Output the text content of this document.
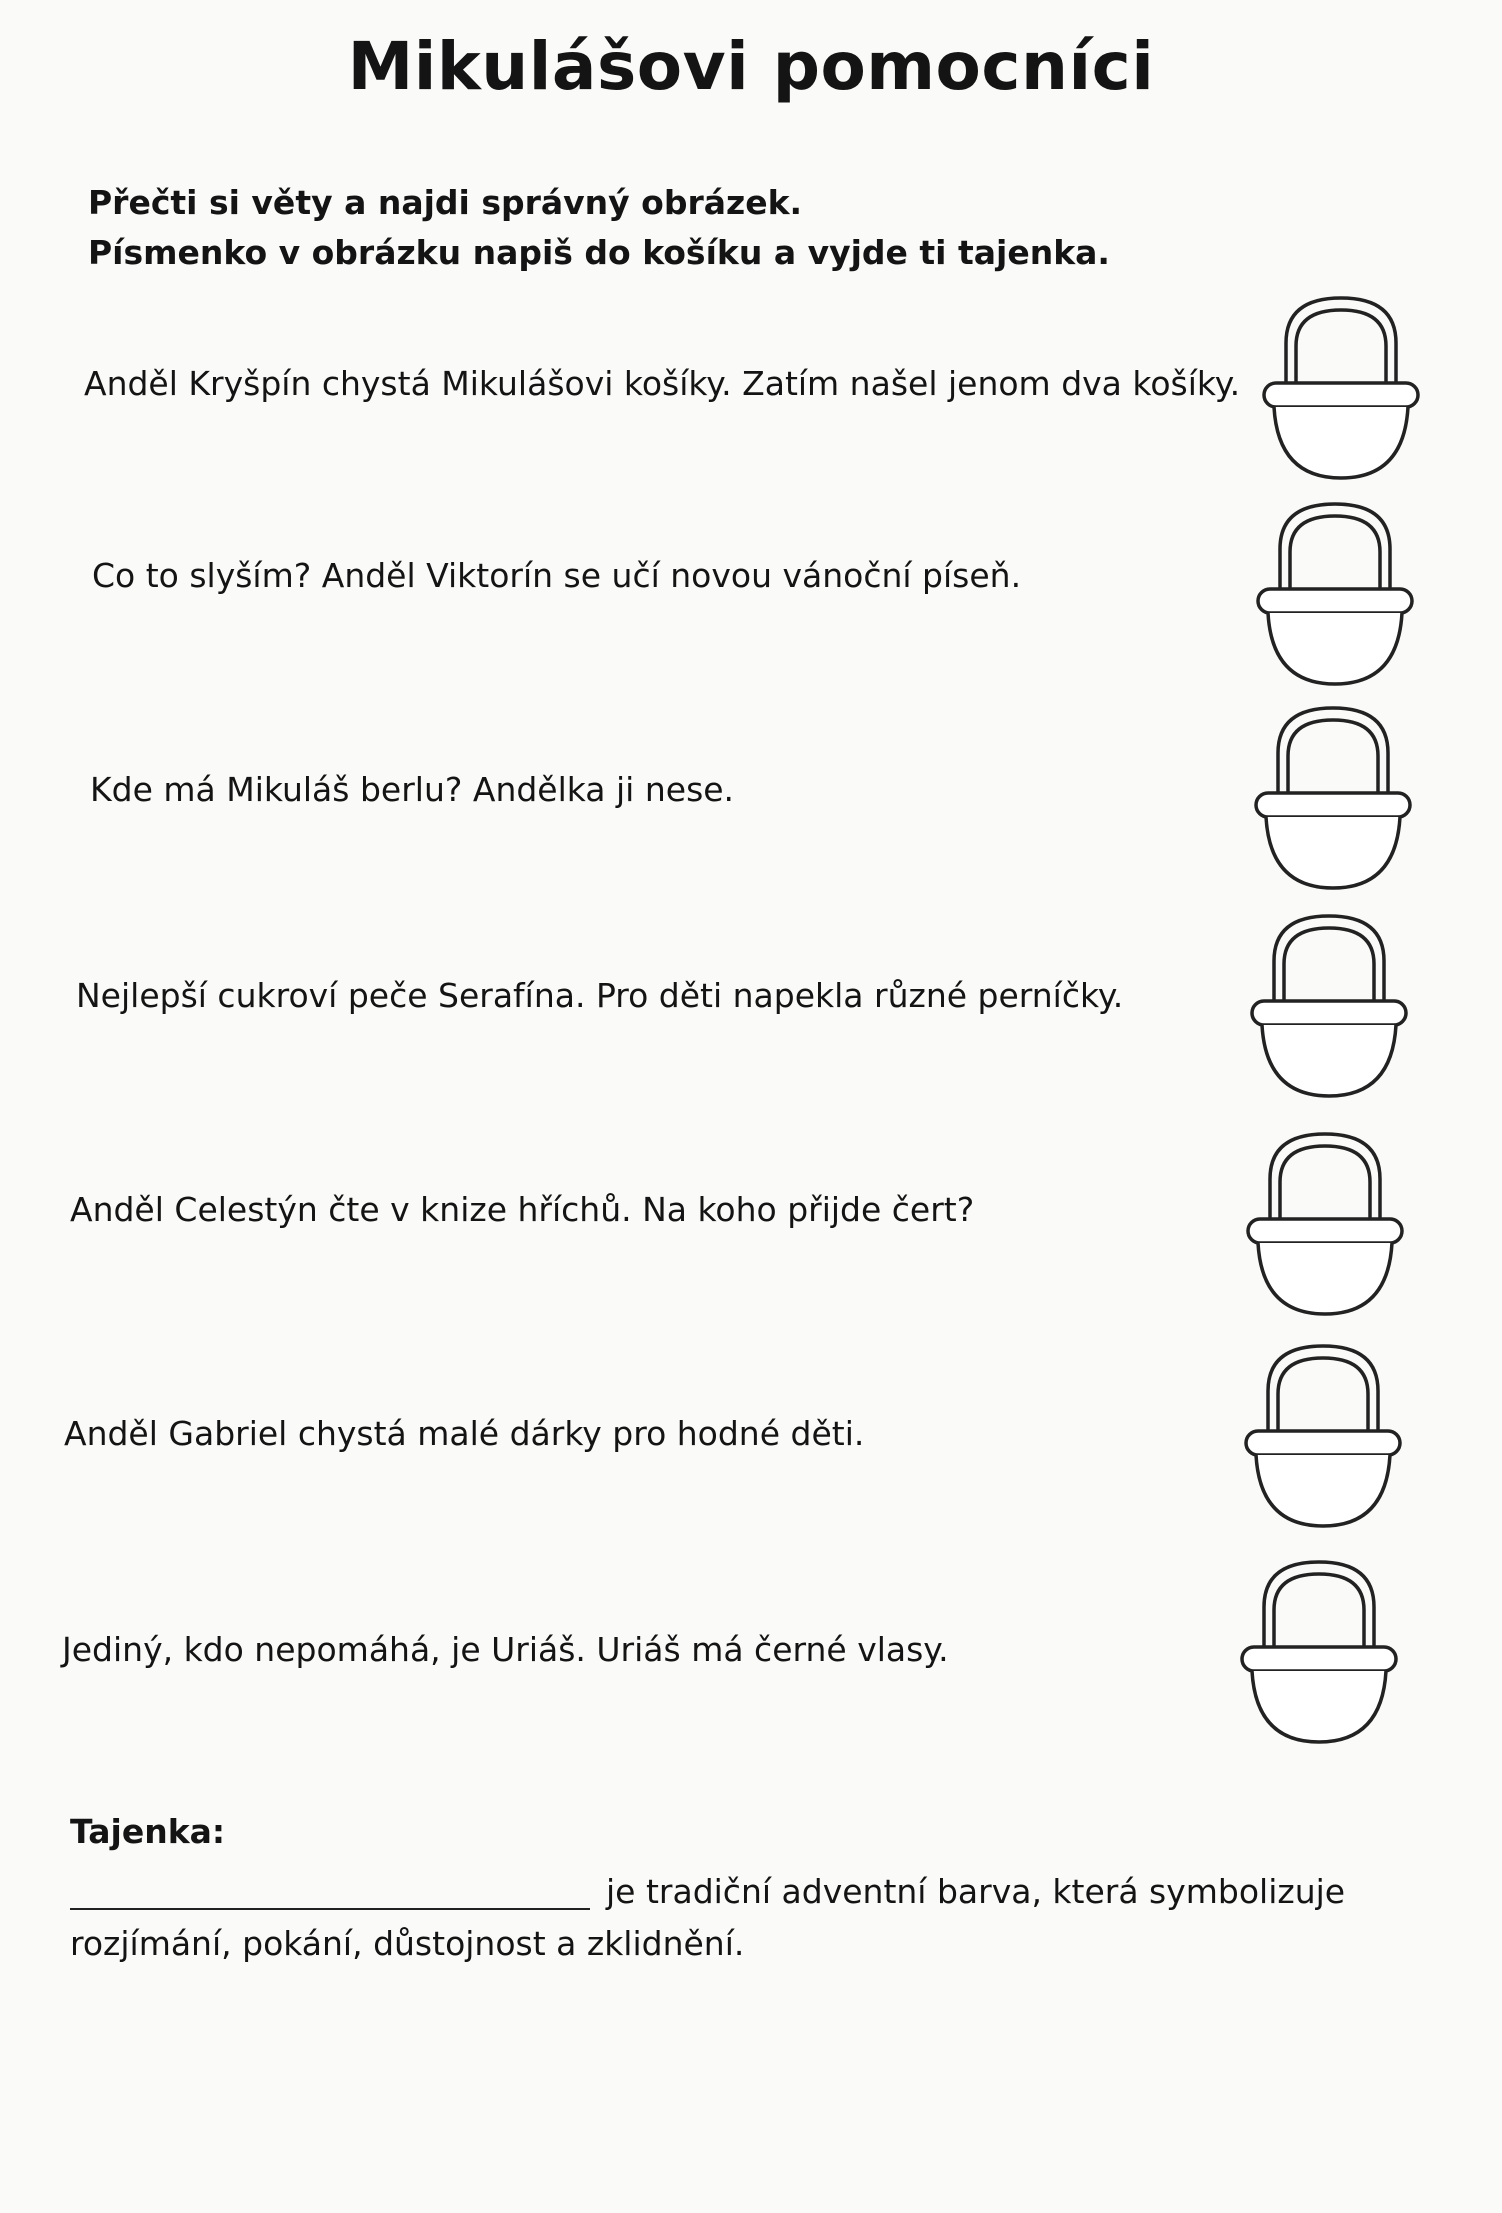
Mikulášovi pomocníci
Přečti si věty a najdi správný obrázek.
Písmenko v obrázku napiš do košíku a vyjde ti tajenka.
Anděl Kryšpín chystá Mikulášovi košíky. Zatím našel jenom dva košíky.
Co to slyším? Anděl Viktorín se učí novou vánoční píseň.
Kde má Mikuláš berlu? Andělka ji nese.
Nejlepší cukroví peče Serafína. Pro děti napekla různé perníčky.
Anděl Celestýn čte v knize hříchů. Na koho přijde čert?
Anděl Gabriel chystá malé dárky pro hodné děti.
Jediný, kdo nepomáhá, je Uriáš. Uriáš má černé vlasy.
Tajenka:
je tradiční adventní barva, která symbolizuje
rozjímání, pokání, důstojnost a zklidnění.
